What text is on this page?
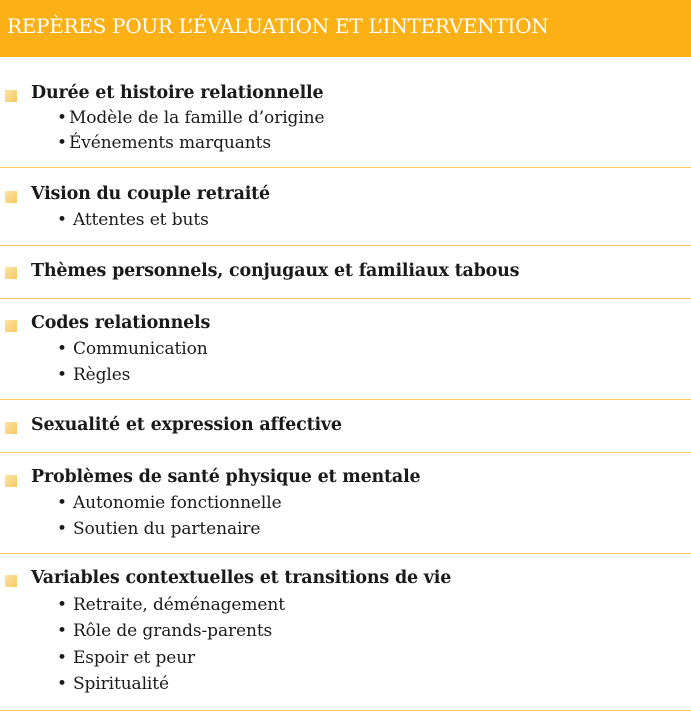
REPÈRES POUR L’ÉVALUATION ET L’INTERVENTION
Durée et histoire relationnelle
• Modèle de la famille d’origine
• Événements marquants
Vision du couple retraité
• Attentes et buts
Thèmes personnels, conjugaux et familiaux tabous
Codes relationnels
• Communication
• Règles
Sexualité et expression affective
Problèmes de santé physique et mentale
• Autonomie fonctionnelle
• Soutien du partenaire
Variables contextuelles et transitions de vie
• Retraite, déménagement
• Rôle de grands-parents
• Espoir et peur
• Spiritualité
